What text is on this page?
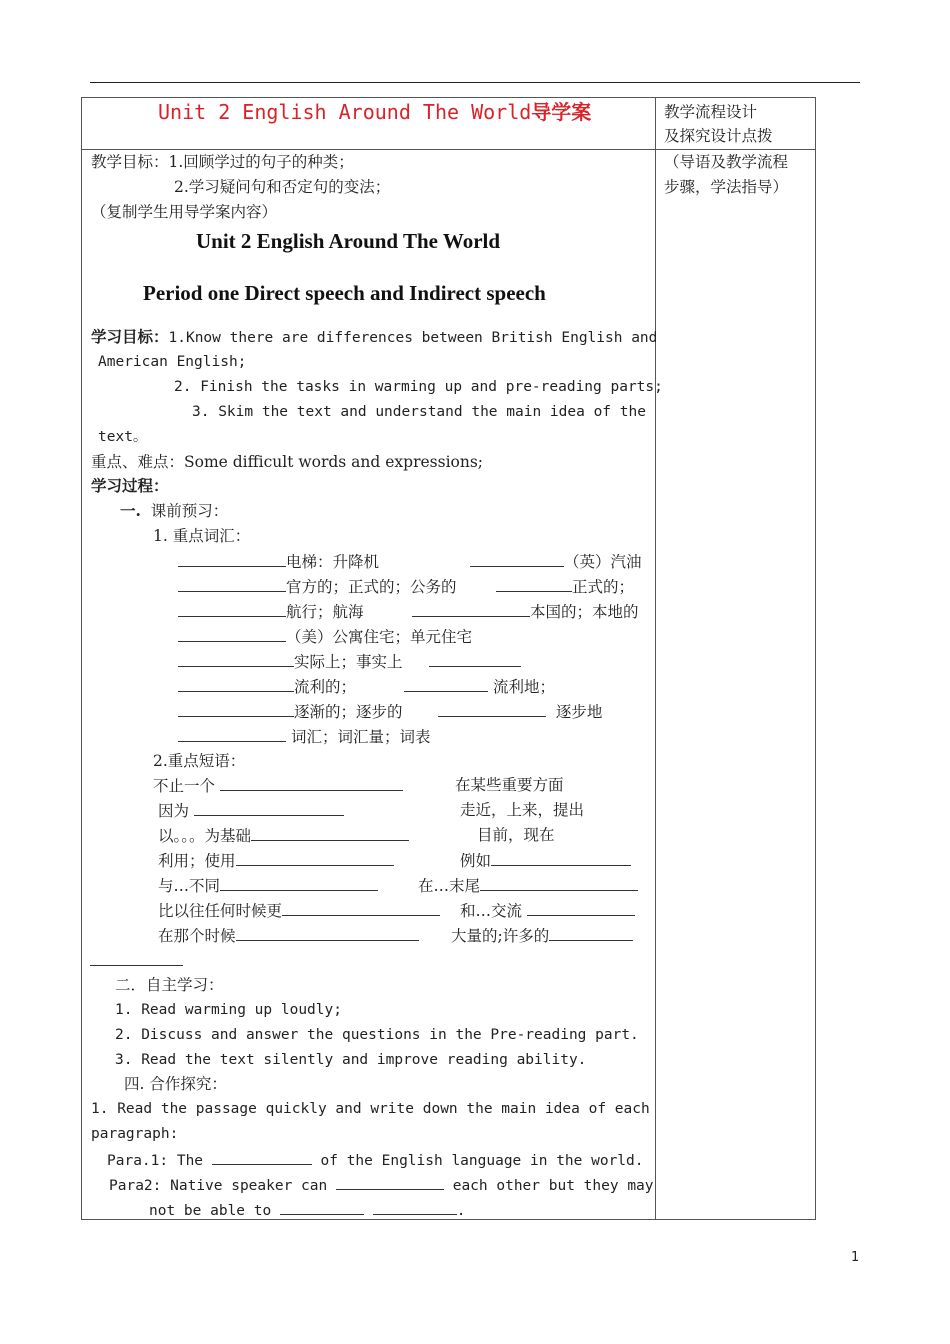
Unit 2 English Around The World导学案	教学流程设计
及探究设计点拨
（导语及教学流程
步骤，学法指导）
教学目标：1.回顾学过的句子的种类；
2.学习疑问句和否定句的变法；
（复制学生用导学案内容）
Unit 2 English Around The World
Period one Direct speech and Indirect speech
学习目标：1.Know there are differences between British English and
American English;
2. Finish the tasks in warming up and pre-reading parts;
3. Skim the text and understand the main idea of the
text。
重点、难点：Some difficult words and expressions;
学习过程：
一. 课前预习：
1. 重点词汇：
电梯：升降机	（英）汽油
官方的；正式的；公务的	正式的；
航行；航海	本国的；本地的
（美）公寓住宅；单元住宅
实际上；事实上
流利的；	流利地；
逐渐的；逐步的	逐步地
词汇；词汇量；词表
2.重点短语：
不止一个	在某些重要方面
因为	走近，上来，提出
以。。。为基础	目前，现在
利用；使用	例如
与…不同	在…末尾
比以往任何时候更	和…交流
在那个时候	大量的;许多的
二．自主学习：
1. Read warming up loudly;
2. Discuss and answer the questions in the Pre-reading part.
3. Read the text silently and improve reading ability.
四. 合作探究：
1. Read the passage quickly and write down the main idea of each
paragraph:
Para.1: The	of the English language in the world.
Para2: Native speaker can	each other but they may
not be able to	.
1
